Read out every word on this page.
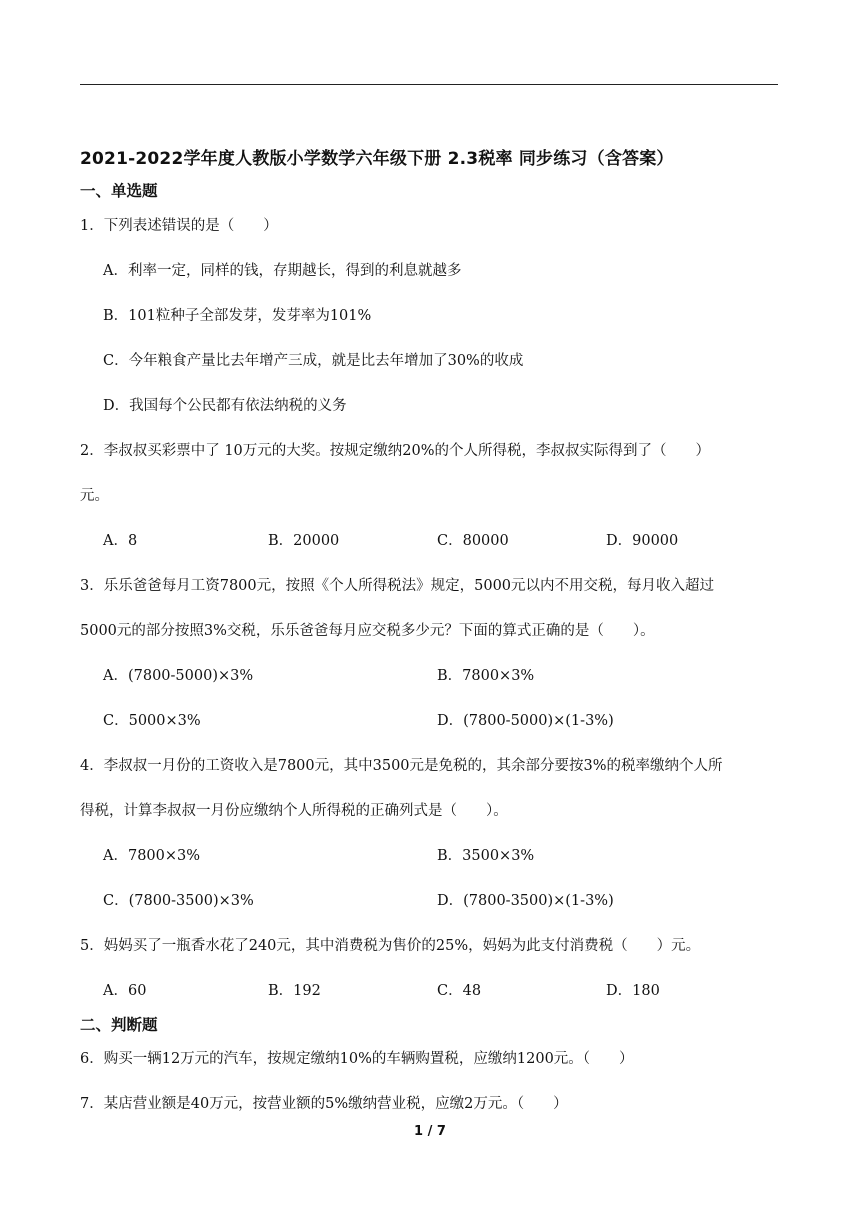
2021-2022学年度人教版小学数学六年级下册 2.3税率 同步练习（含答案）
一、单选题
1．下列表述错误的是（　　）
A．利率一定，同样的钱，存期越长，得到的利息就越多
B．101粒种子全部发芽，发芽率为101%
C．今年粮食产量比去年增产三成，就是比去年增加了30%的收成
D．我国每个公民都有依法纳税的义务
2．李叔叔买彩票中了 10万元的大奖。按规定缴纳20%的个人所得税，李叔叔实际得到了（　　）
元。
A．8	B．20000	C．80000	D．90000
3．乐乐爸爸每月工资7800元，按照《个人所得税法》规定，5000元以内不用交税，每月收入超过
5000元的部分按照3%交税，乐乐爸爸每月应交税多少元？下面的算式正确的是（　　）。
A．(7800-5000)×3%	B．7800×3%
C．5000×3%	D．(7800-5000)×(1-3%)
4．李叔叔一月份的工资收入是7800元，其中3500元是免税的，其余部分要按3%的税率缴纳个人所
得税，计算李叔叔一月份应缴纳个人所得税的正确列式是（　　）。
A．7800×3%	B．3500×3%
C．(7800-3500)×3%	D．(7800-3500)×(1-3%)
5．妈妈买了一瓶香水花了240元，其中消费税为售价的25%，妈妈为此支付消费税（　　）元。
A．60	B．192	C．48	D．180
二、判断题
6．购买一辆12万元的汽车，按规定缴纳10%的车辆购置税，应缴纳1200元。（　　）
7．某店营业额是40万元，按营业额的5%缴纳营业税，应缴2万元。（　　）
1 / 7
